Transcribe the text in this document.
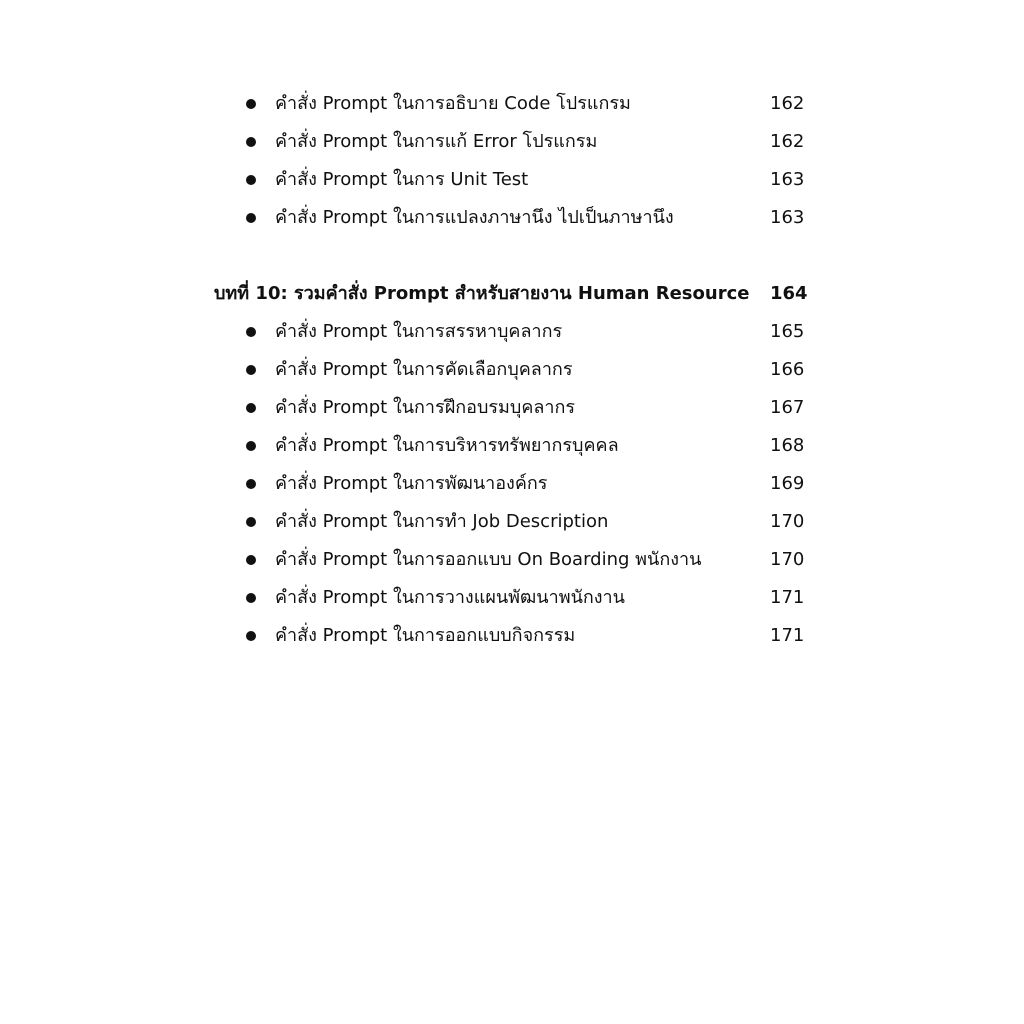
คำสั่ง Prompt ในการอธิบาย Code โปรแกรม	162
คำสั่ง Prompt ในการแก้ Error โปรแกรม	162
คำสั่ง Prompt ในการ Unit Test	163
คำสั่ง Prompt ในการแปลงภาษานึง ไปเป็นภาษานึง	163
บทที่ 10: รวมคำสั่ง Prompt สำหรับสายงาน Human Resource 164
คำสั่ง Prompt ในการสรรหาบุคลากร	165
คำสั่ง Prompt ในการคัดเลือกบุคลากร	166
คำสั่ง Prompt ในการฝึกอบรมบุคลากร	167
คำสั่ง Prompt ในการบริหารทรัพยากรบุคคล	168
คำสั่ง Prompt ในการพัฒนาองค์กร	169
คำสั่ง Prompt ในการทำ Job Description	170
คำสั่ง Prompt ในการออกแบบ On Boarding พนักงาน	170
คำสั่ง Prompt ในการวางแผนพัฒนาพนักงาน	171
คำสั่ง Prompt ในการออกแบบกิจกรรม	171
